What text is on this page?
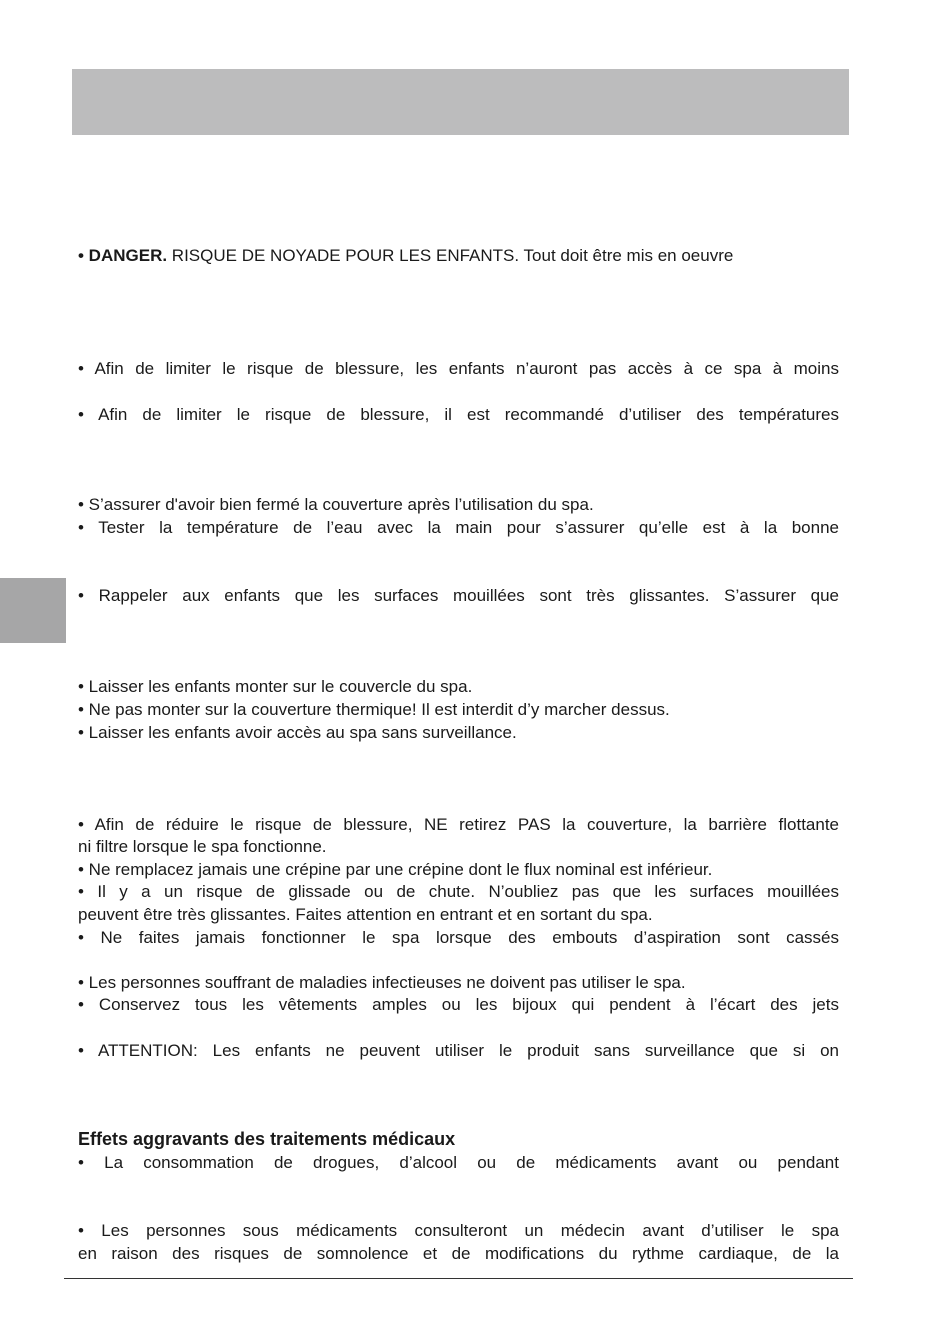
• DANGER. RISQUE DE NOYADE POUR LES ENFANTS. Tout doit être mis en oeuvre
• Afin de limiter le risque de blessure, les enfants n’auront pas accès à ce spa à moins
• Afin de limiter le risque de blessure, il est recommandé d’utiliser des températures
• S’assurer d'avoir bien fermé la couverture après l’utilisation du spa.
• Tester la température de l’eau avec la main pour s’assurer qu’elle est à la bonne
• Rappeler aux enfants que les surfaces mouillées sont très glissantes. S’assurer que
• Laisser les enfants monter sur le couvercle du spa.
• Ne pas monter sur la couverture thermique! Il est interdit d’y marcher dessus.
• Laisser les enfants avoir accès au spa sans surveillance.
• Afin de réduire le risque de blessure, NE retirez PAS la couverture, la barrière flottante
ni filtre lorsque le spa fonctionne.
• Ne remplacez jamais une crépine par une crépine dont le flux nominal est inférieur.
• Il y a un risque de glissade ou de chute. N’oubliez pas que les surfaces mouillées
peuvent être très glissantes. Faites attention en entrant et en sortant du spa.
• Ne faites jamais fonctionner le spa lorsque des embouts d’aspiration sont cassés
• Les personnes souffrant de maladies infectieuses ne doivent pas utiliser le spa.
• Conservez tous les vêtements amples ou les bijoux qui pendent à l’écart des jets
• ATTENTION: Les enfants ne peuvent utiliser le produit sans surveillance que si on
Effets aggravants des traitements médicaux
• La consommation de drogues, d’alcool ou de médicaments avant ou pendant
• Les personnes sous médicaments consulteront un médecin avant d’utiliser le spa
en raison des risques de somnolence et de modifications du rythme cardiaque, de la
